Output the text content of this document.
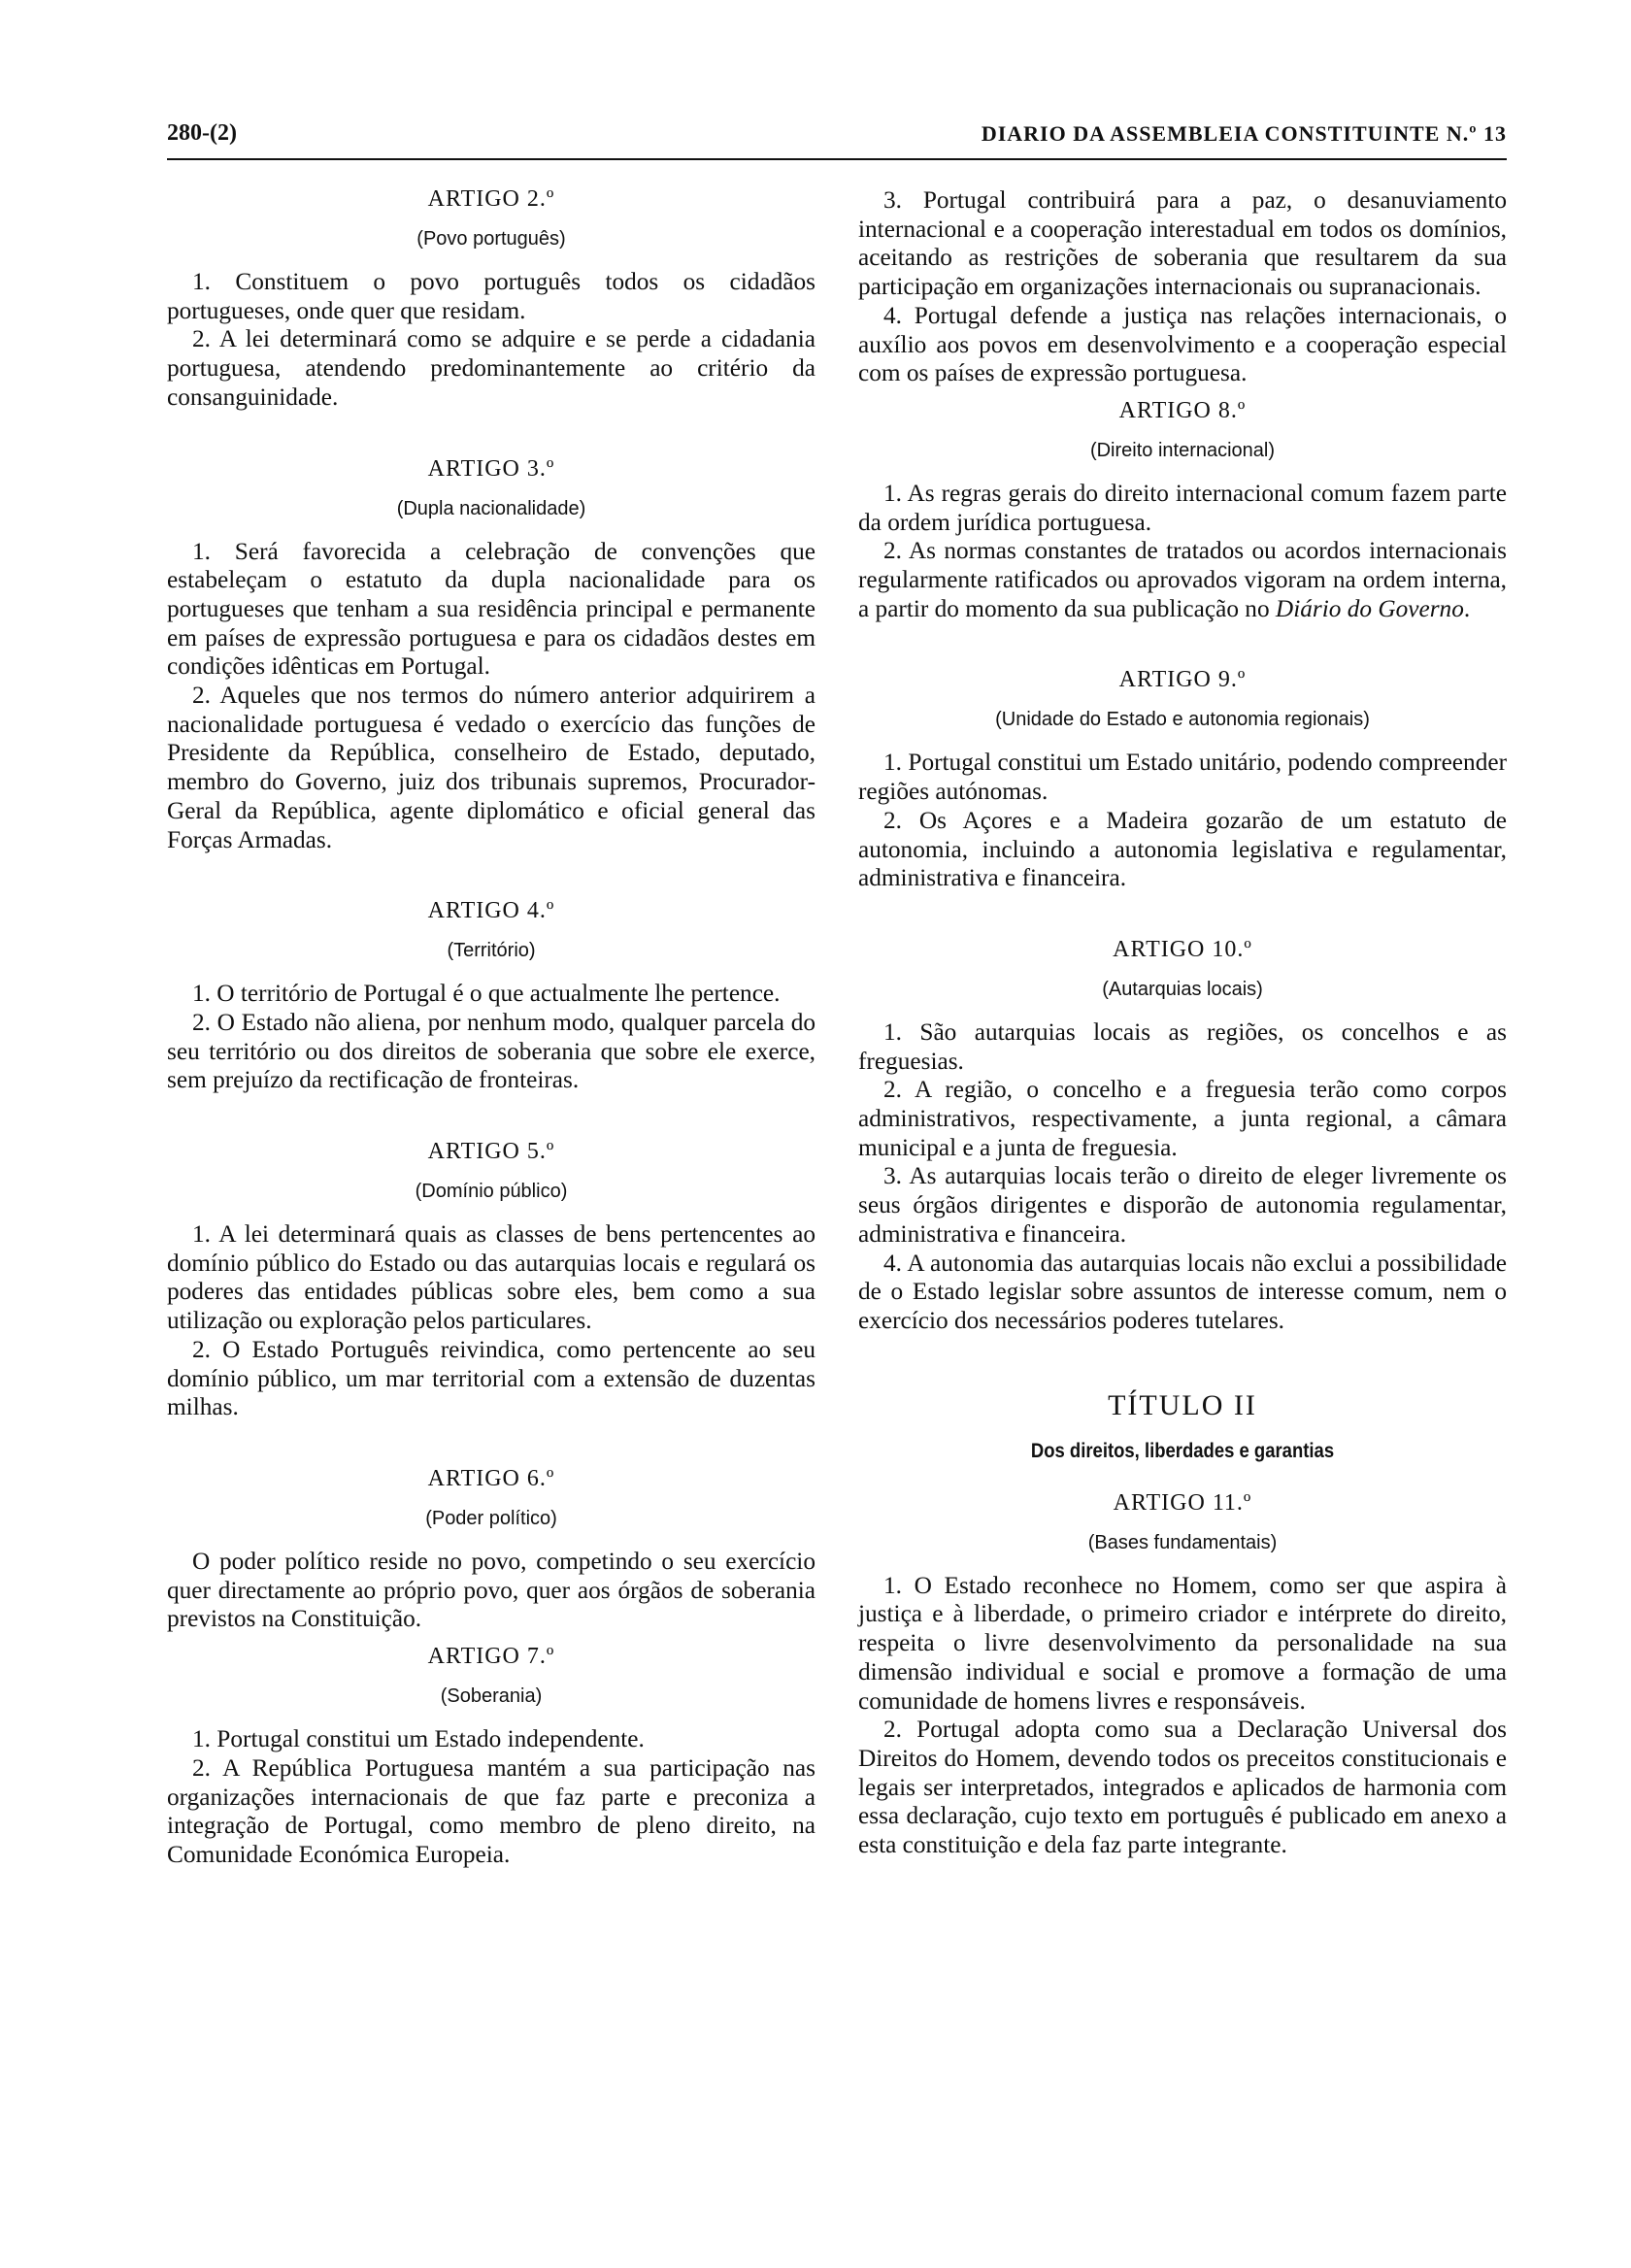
280-(2)	DIARIO DA ASSEMBLEIA CONSTITUINTE N.º 13
ARTIGO 2.º
(Povo português)

1. Constituem o povo português todos os cidadãos portugueses, onde quer que residam.

2. A lei determinará como se adquire e se perde a cidadania portuguesa, atendendo predominantemente ao critério da consanguinidade.

ARTIGO 3.º
(Dupla nacionalidade)

1. Será favorecida a celebração de convenções que estabeleçam o estatuto da dupla nacionalidade para os portugueses que tenham a sua residência principal e permanente em países de expressão portuguesa e para os cidadãos destes em condições idênticas em Portugal.

2. Aqueles que nos termos do número anterior adquirirem a nacionalidade portuguesa é vedado o exercício das funções de Presidente da República, conselheiro de Estado, deputado, membro do Governo, juiz dos tribunais supremos, Procurador-Geral da República, agente diplomático e oficial general das Forças Armadas.

ARTIGO 4.º
(Território)

1. O território de Portugal é o que actualmente lhe pertence.

2. O Estado não aliena, por nenhum modo, qualquer parcela do seu território ou dos direitos de soberania que sobre ele exerce, sem prejuízo da rectificação de fronteiras.

ARTIGO 5.º
(Domínio público)

1. A lei determinará quais as classes de bens pertencentes ao domínio público do Estado ou das autarquias locais e regulará os poderes das entidades públicas sobre eles, bem como a sua utilização ou exploração pelos particulares.

2. O Estado Português reivindica, como pertencente ao seu domínio público, um mar territorial com a extensão de duzentas milhas.

ARTIGO 6.º
(Poder político)

O poder político reside no povo, competindo o seu exercício quer directamente ao próprio povo, quer aos órgãos de soberania previstos na Constituição.

ARTIGO 7.º
(Soberania)

1. Portugal constitui um Estado independente.

2. A República Portuguesa mantém a sua participação nas organizações internacionais de que faz parte e preconiza a integração de Portugal, como membro de pleno direito, na Comunidade Económica Europeia.

3. Portugal contribuirá para a paz, o desanuviamento internacional e a cooperação interestadual em todos os domínios, aceitando as restrições de soberania que resultarem da sua participação em organizações internacionais ou supranacionais.

4. Portugal defende a justiça nas relações internacionais, o auxílio aos povos em desenvolvimento e a cooperação especial com os países de expressão portuguesa.

ARTIGO 8.º
(Direito internacional)

1. As regras gerais do direito internacional comum fazem parte da ordem jurídica portuguesa.

2. As normas constantes de tratados ou acordos internacionais regularmente ratificados ou aprovados vigoram na ordem interna, a partir do momento da sua publicação no Diário do Governo.

ARTIGO 9.º
(Unidade do Estado e autonomia regionais)

1. Portugal constitui um Estado unitário, podendo compreender regiões autónomas.

2. Os Açores e a Madeira gozarão de um estatuto de autonomia, incluindo a autonomia legislativa e regulamentar, administrativa e financeira.

ARTIGO 10.º
(Autarquias locais)

1. São autarquias locais as regiões, os concelhos e as freguesias.

2. A região, o concelho e a freguesia terão como corpos administrativos, respectivamente, a junta regional, a câmara municipal e a junta de freguesia.

3. As autarquias locais terão o direito de eleger livremente os seus órgãos dirigentes e disporão de autonomia regulamentar, administrativa e financeira.

4. A autonomia das autarquias locais não exclui a possibilidade de o Estado legislar sobre assuntos de interesse comum, nem o exercício dos necessários poderes tutelares.

TÍTULO II
Dos direitos, liberdades e garantias
ARTIGO 11.º
(Bases fundamentais)

1. O Estado reconhece no Homem, como ser que aspira à justiça e à liberdade, o primeiro criador e intérprete do direito, respeita o livre desenvolvimento da personalidade na sua dimensão individual e social e promove a formação de uma comunidade de homens livres e responsáveis.

2. Portugal adopta como sua a Declaração Universal dos Direitos do Homem, devendo todos os preceitos constitucionais e legais ser interpretados, integrados e aplicados de harmonia com essa declaração, cujo texto em português é publicado em anexo a esta constituição e dela faz parte integrante.
